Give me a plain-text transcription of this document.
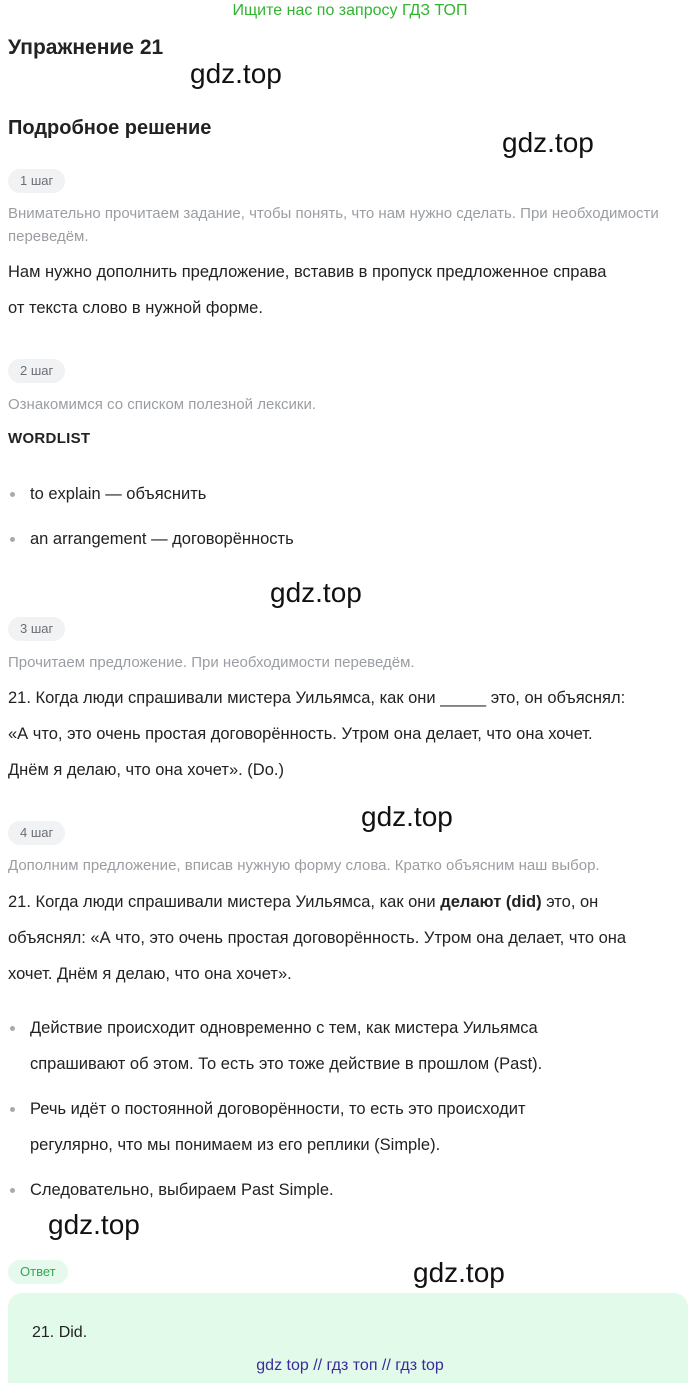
Ищите нас по запросу ГДЗ ТОП
Упражнение 21
gdz.top
Подробное решение	gdz.top
1 шаг
Внимательно прочитаем задание, чтобы понять, что нам нужно сделать. При необходимости переведём.
Нам нужно дополнить предложение, вставив в пропуск предложенное справа
от текста слово в нужной форме.
2 шаг
Ознакомимся со списком полезной лексики.
WORDLIST
to explain — объяснить
an arrangement — договорённость
gdz.top
3 шаг
Прочитаем предложение. При необходимости переведём.
21. Когда люди спрашивали мистера Уильямса, как они _____ это, он объяснял:
«А что, это очень простая договорённость. Утром она делает, что она хочет.
Днём я делаю, что она хочет». (Do.)
gdz.top
4 шаг
Дополним предложение, вписав нужную форму слова. Кратко объясним наш выбор.
21. Когда люди спрашивали мистера Уильямса, как они делают (did) это, он
объяснял: «А что, это очень простая договорённость. Утром она делает, что она
хочет. Днём я делаю, что она хочет».
Действие происходит одновременно с тем, как мистера Уильямса
спрашивают об этом. То есть это тоже действие в прошлом (Past).
Речь идёт о постоянной договорённости, то есть это происходит
регулярно, что мы понимаем из его реплики (Simple).
Следовательно, выбираем Past Simple.
gdz.top
gdz.top
Ответ
21. Did.
gdz top // гдз топ // гдз top
